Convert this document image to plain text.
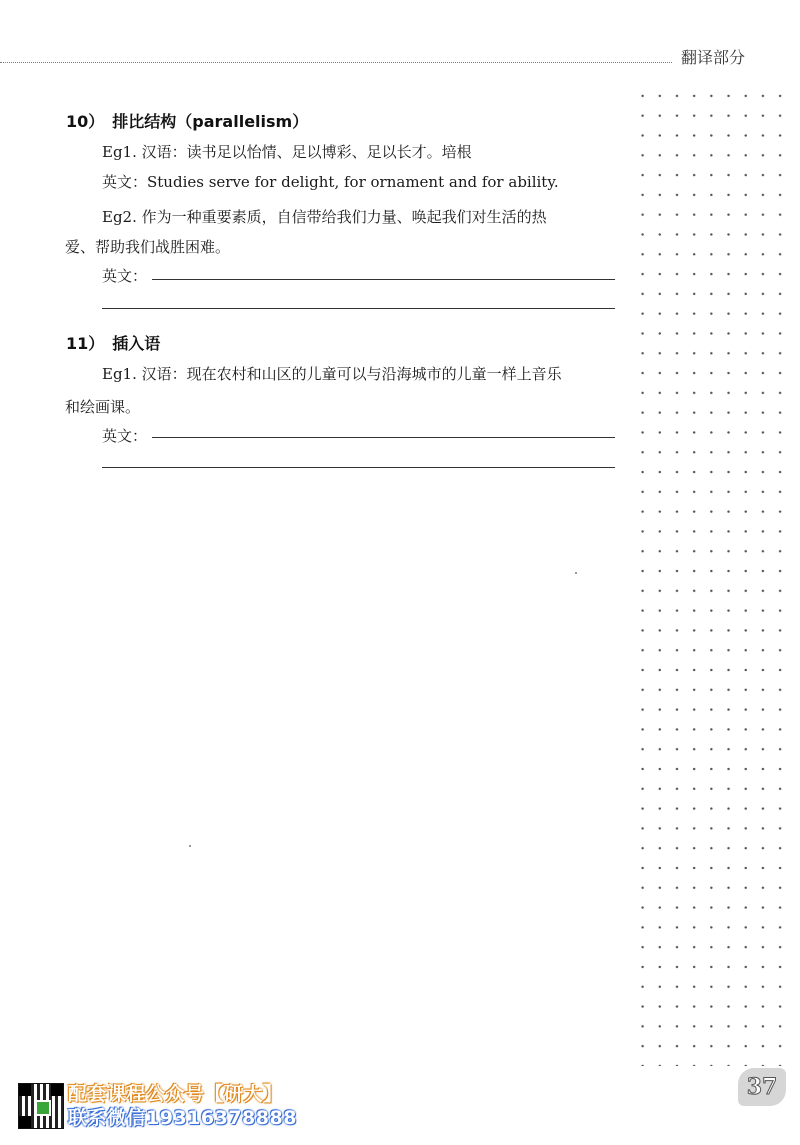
翻译部分
10） 排比结构（parallelism）
Eg1. 汉语：读书足以怡情、足以博彩、足以长才。培根
英文：Studies serve for delight, for ornament and for ability.
Eg2. 作为一种重要素质，自信带给我们力量、唤起我们对生活的热
爱、帮助我们战胜困难。
英文：
11） 插入语
Eg1. 汉语：现在农村和山区的儿童可以与沿海城市的儿童一样上音乐
和绘画课。
英文：
37
配套课程公众号【研大】
联系微信19316378888
